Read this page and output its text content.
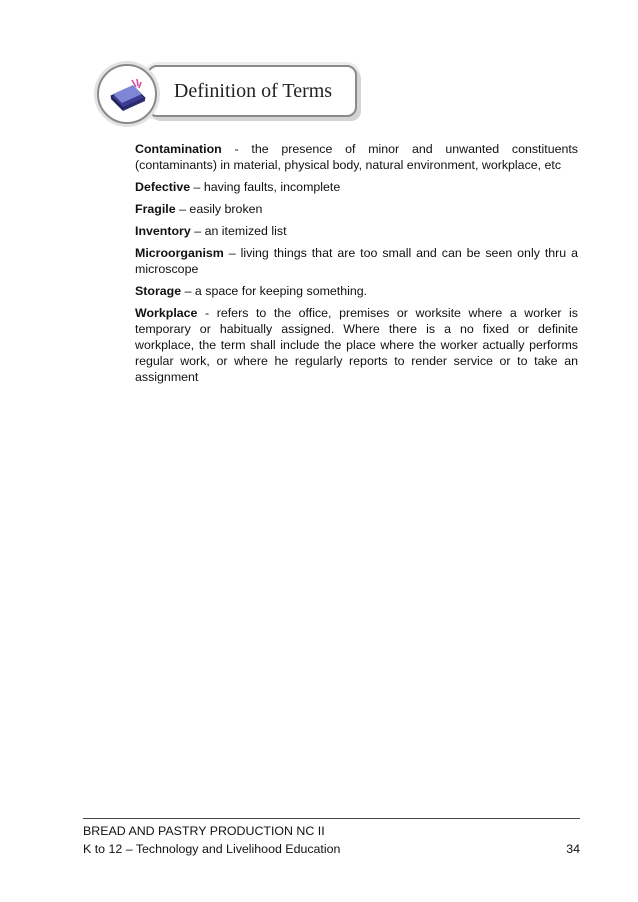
Definition of Terms

Contamination - the presence of minor and unwanted constituents (contaminants) in material, physical body, natural environment, workplace, etc

Defective – having faults, incomplete

Fragile – easily broken

Inventory – an itemized list

Microorganism – living things that are too small and can be seen only thru a microscope

Storage – a space for keeping something.

Workplace - refers to the office, premises or worksite where a worker is temporary or habitually assigned. Where there is a no fixed or definite workplace, the term shall include the place where the worker actually performs regular work, or where he regularly reports to render service or to take an assignment

BREAD AND PASTRY PRODUCTION NC II
K to 12 – Technology and Livelihood Education	34
